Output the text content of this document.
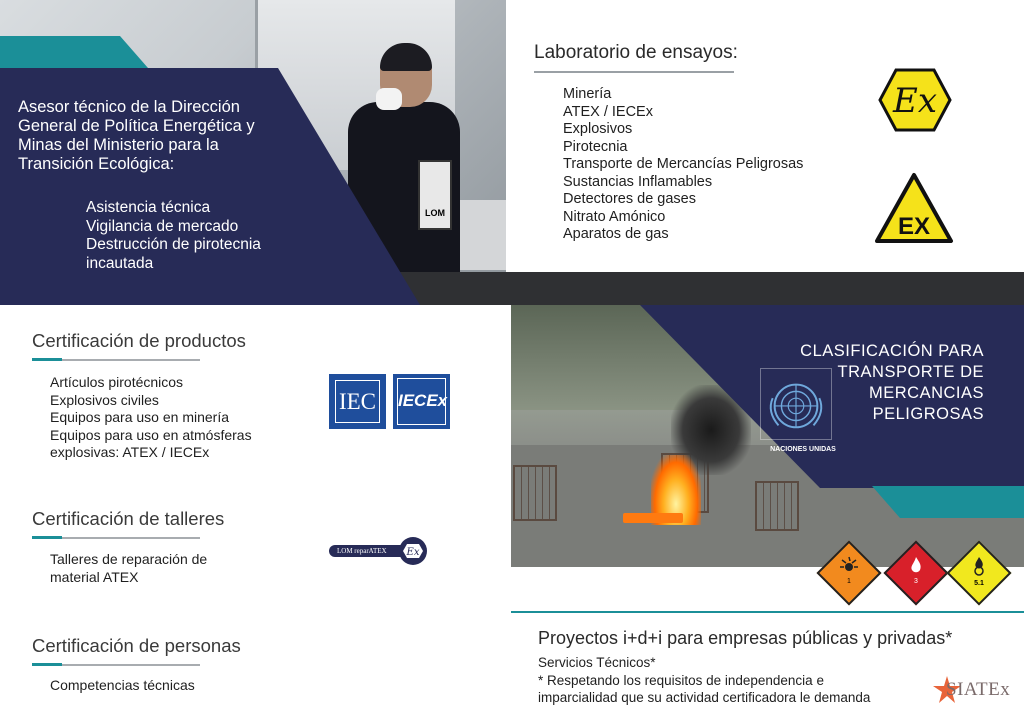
LOM
Asesor técnico de la Dirección General de Política Energética y Minas del Ministerio para la Transición Ecológica:
Asistencia técnica
Vigilancia de mercado
Destrucción de pirotecnia incautada
Laboratorio de ensayos:
Minería
ATEX / IECEx
Explosivos
Pirotecnia
Transporte de Mercancías Peligrosas
Sustancias Inflamables
Detectores de gases
Nitrato Amónico
Aparatos de gas
Ex
EX
Certificación de productos
Artículos pirotécnicos
Explosivos civiles
Equipos para uso en minería
Equipos para uso en atmósferas
explosivas: ATEX / IECEx
IEC IECEx
Certificación de talleres
Talleres de reparación de
material ATEX
LOM reparATEX	Ex
Certificación de personas
Competencias técnicas
CLASIFICACIÓN PARA
TRANSPORTE DE
MERCANCIAS
PELIGROSAS
NACIONES UNIDAS
1	3	5.1
Proyectos i+d+i para empresas públicas y privadas*
Servicios Técnicos*
* Respetando los requisitos de independencia e
imparcialidad que su actividad certificadora le demanda	SIATEx
